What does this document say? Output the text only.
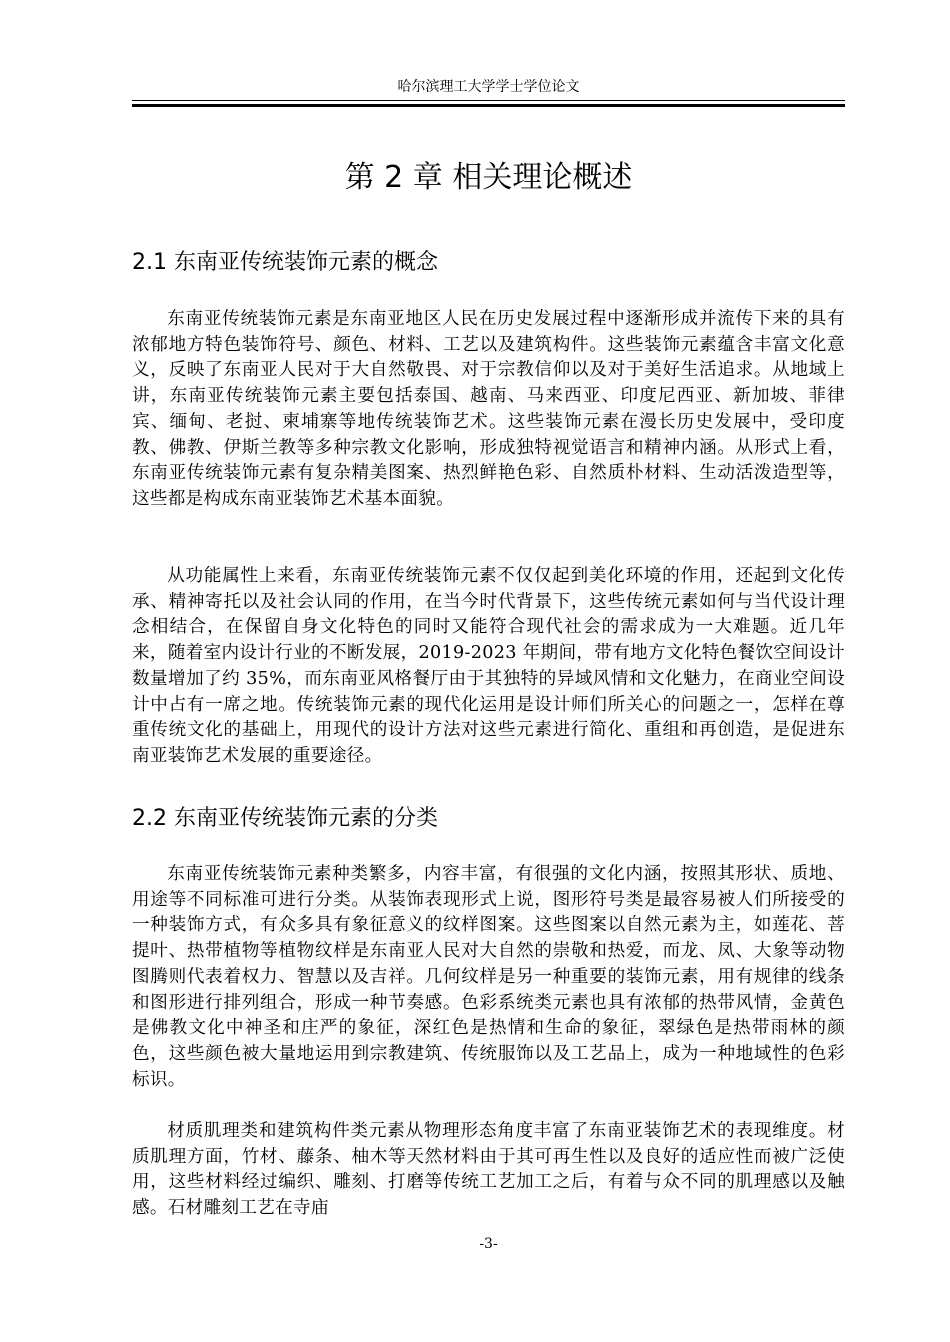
哈尔滨理工大学学士学位论文
第 2 章 相关理论概述
2.1 东南亚传统装饰元素的概念

东南亚传统装饰元素是东南亚地区人民在历史发展过程中逐渐形成并流传下来的具有浓郁地方特色装饰符号、颜色、材料、工艺以及建筑构件。这些装饰元素蕴含丰富文化意义，反映了东南亚人民对于大自然敬畏、对于宗教信仰以及对于美好生活追求。从地域上讲，东南亚传统装饰元素主要包括泰国、越南、马来西亚、印度尼西亚、新加坡、菲律宾、缅甸、老挝、柬埔寨等地传统装饰艺术。这些装饰元素在漫长历史发展中，受印度教、佛教、伊斯兰教等多种宗教文化影响，形成独特视觉语言和精神内涵。从形式上看，东南亚传统装饰元素有复杂精美图案、热烈鲜艳色彩、自然质朴材料、生动活泼造型等，这些都是构成东南亚装饰艺术基本面貌。

从功能属性上来看，东南亚传统装饰元素不仅仅起到美化环境的作用，还起到文化传承、精神寄托以及社会认同的作用，在当今时代背景下，这些传统元素如何与当代设计理念相结合，在保留自身文化特色的同时又能符合现代社会的需求成为一大难题。近几年来，随着室内设计行业的不断发展，2019-2023 年期间，带有地方文化特色餐饮空间设计数量增加了约 35%，而东南亚风格餐厅由于其独特的异域风情和文化魅力，在商业空间设计中占有一席之地。传统装饰元素的现代化运用是设计师们所关心的问题之一，怎样在尊重传统文化的基础上，用现代的设计方法对这些元素进行简化、重组和再创造，是促进东南亚装饰艺术发展的重要途径。

2.2 东南亚传统装饰元素的分类

东南亚传统装饰元素种类繁多，内容丰富，有很强的文化内涵，按照其形状、质地、用途等不同标准可进行分类。从装饰表现形式上说，图形符号类是最容易被人们所接受的一种装饰方式，有众多具有象征意义的纹样图案。这些图案以自然元素为主，如莲花、菩提叶、热带植物等植物纹样是东南亚人民对大自然的崇敬和热爱，而龙、凤、大象等动物图腾则代表着权力、智慧以及吉祥。几何纹样是另一种重要的装饰元素，用有规律的线条和图形进行排列组合，形成一种节奏感。色彩系统类元素也具有浓郁的热带风情，金黄色是佛教文化中神圣和庄严的象征，深红色是热情和生命的象征，翠绿色是热带雨林的颜色，这些颜色被大量地运用到宗教建筑、传统服饰以及工艺品上，成为一种地域性的色彩标识。

材质肌理类和建筑构件类元素从物理形态角度丰富了东南亚装饰艺术的表现维度。材质肌理方面，竹材、藤条、柚木等天然材料由于其可再生性以及良好的适应性而被广泛使用，这些材料经过编织、雕刻、打磨等传统工艺加工之后，有着与众不同的肌理感以及触感。石材雕刻工艺在寺庙

-3-
